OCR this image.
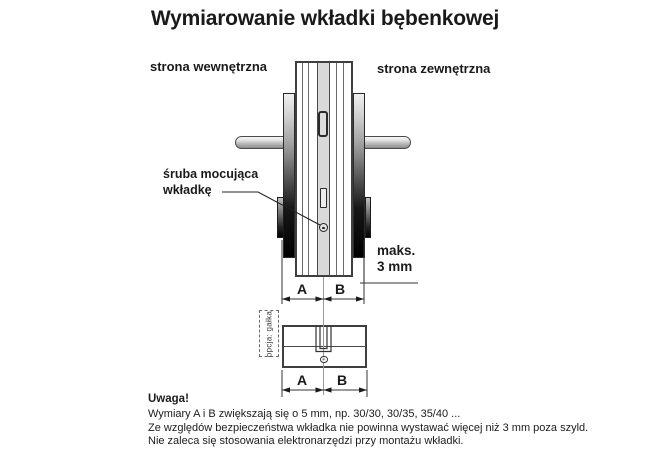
Wymiarowanie wkładki bębenkowej
strona wewnętrzna	strona zewnętrzna
opcja: gałka
✳
śruba mocująca
wkładkę
maks.
3 mm
A	B
A	B
Uwaga!
Wymiary A i B zwiększają się o 5 mm, np. 30/30, 30/35, 35/40 ...
Ze względów bezpieczeństwa wkładka nie powinna wystawać więcej niż 3 mm poza szyld.
Nie zaleca się stosowania elektronarzędzi przy montażu wkładki.
